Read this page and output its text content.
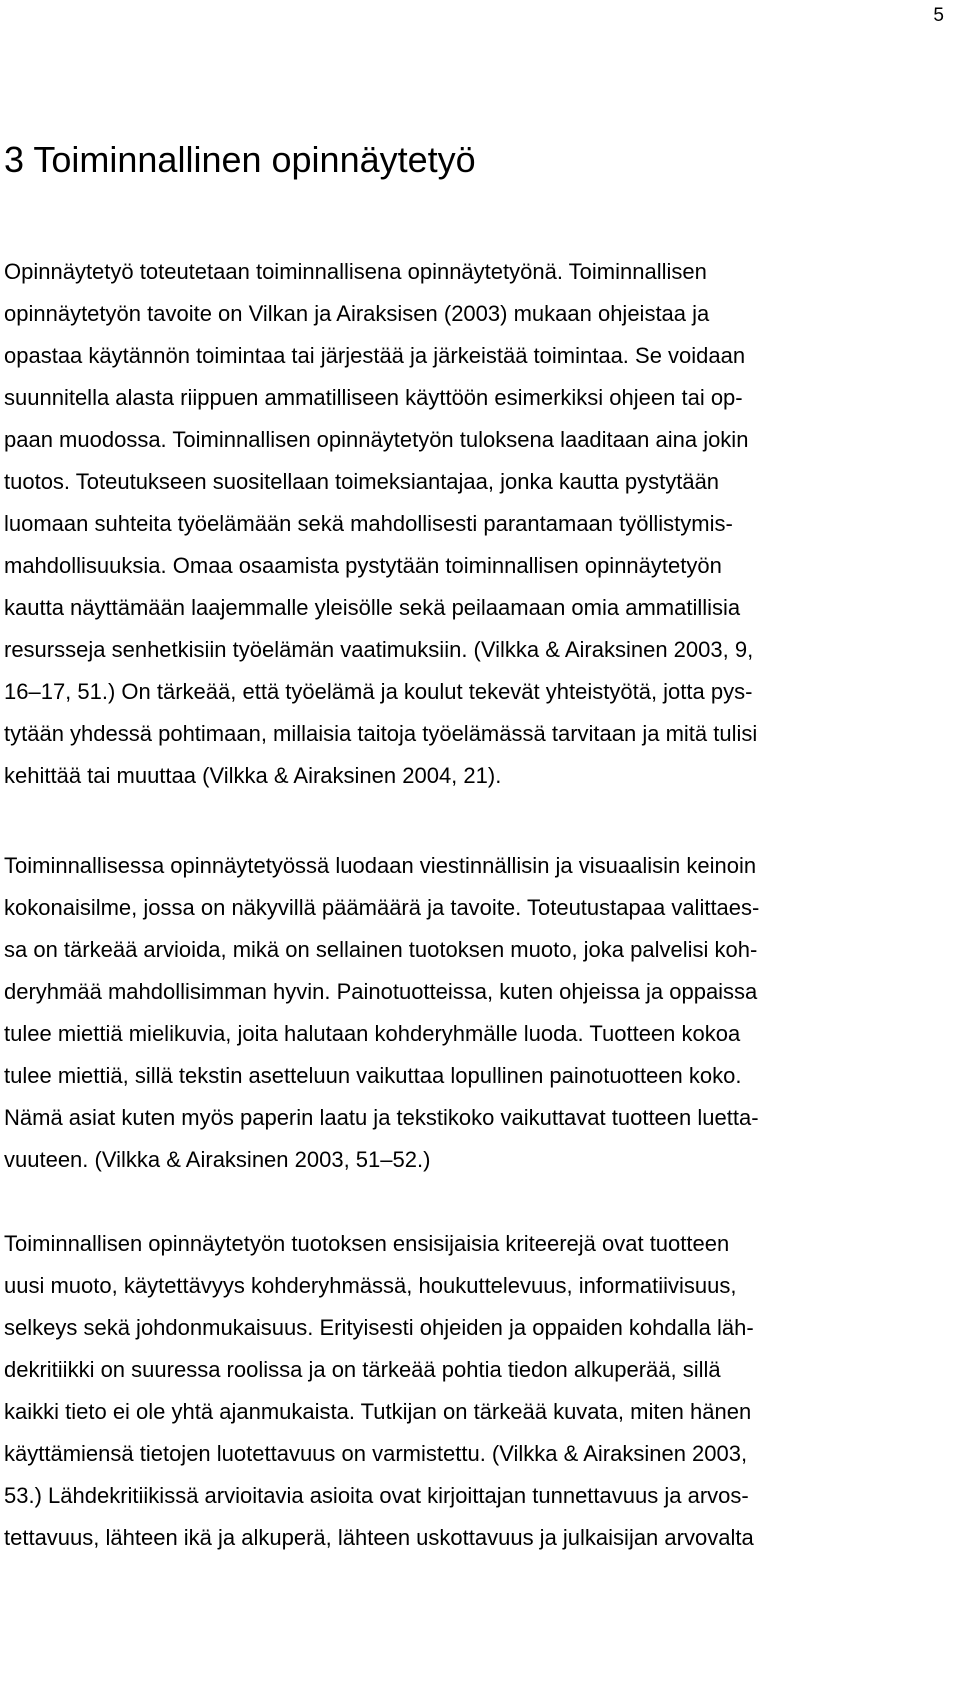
5
3 Toiminnallinen opinnäytetyö
Opinnäytetyö toteutetaan toiminnallisena opinnäytetyönä. Toiminnallisen
opinnäytetyön tavoite on Vilkan ja Airaksisen (2003) mukaan ohjeistaa ja
opastaa käytännön toimintaa tai järjestää ja järkeistää toimintaa. Se voidaan
suunnitella alasta riippuen ammatilliseen käyttöön esimerkiksi ohjeen tai op-
paan muodossa. Toiminnallisen opinnäytetyön tuloksena laaditaan aina jokin
tuotos. Toteutukseen suositellaan toimeksiantajaa, jonka kautta pystytään
luomaan suhteita työelämään sekä mahdollisesti parantamaan työllistymis-
mahdollisuuksia. Omaa osaamista pystytään toiminnallisen opinnäytetyön
kautta näyttämään laajemmalle yleisölle sekä peilaamaan omia ammatillisia
resursseja senhetkisiin työelämän vaatimuksiin. (Vilkka & Airaksinen 2003, 9,
16–17, 51.) On tärkeää, että työelämä ja koulut tekevät yhteistyötä, jotta pys-
tytään yhdessä pohtimaan, millaisia taitoja työelämässä tarvitaan ja mitä tulisi
kehittää tai muuttaa (Vilkka & Airaksinen 2004, 21).
Toiminnallisessa opinnäytetyössä luodaan viestinnällisin ja visuaalisin keinoin
kokonaisilme, jossa on näkyvillä päämäärä ja tavoite. Toteutustapaa valittaes-
sa on tärkeää arvioida, mikä on sellainen tuotoksen muoto, joka palvelisi koh-
deryhmää mahdollisimman hyvin. Painotuotteissa, kuten ohjeissa ja oppaissa
tulee miettiä mielikuvia, joita halutaan kohderyhmälle luoda. Tuotteen kokoa
tulee miettiä, sillä tekstin asetteluun vaikuttaa lopullinen painotuotteen koko.
Nämä asiat kuten myös paperin laatu ja tekstikoko vaikuttavat tuotteen luetta-
vuuteen. (Vilkka & Airaksinen 2003, 51–52.)
Toiminnallisen opinnäytetyön tuotoksen ensisijaisia kriteerejä ovat tuotteen
uusi muoto, käytettävyys kohderyhmässä, houkuttelevuus, informatiivisuus,
selkeys sekä johdonmukaisuus. Erityisesti ohjeiden ja oppaiden kohdalla läh-
dekritiikki on suuressa roolissa ja on tärkeää pohtia tiedon alkuperää, sillä
kaikki tieto ei ole yhtä ajanmukaista. Tutkijan on tärkeää kuvata, miten hänen
käyttämiensä tietojen luotettavuus on varmistettu. (Vilkka & Airaksinen 2003,
53.) Lähdekritiikissä arvioitavia asioita ovat kirjoittajan tunnettavuus ja arvos-
tettavuus, lähteen ikä ja alkuperä, lähteen uskottavuus ja julkaisijan arvovalta
